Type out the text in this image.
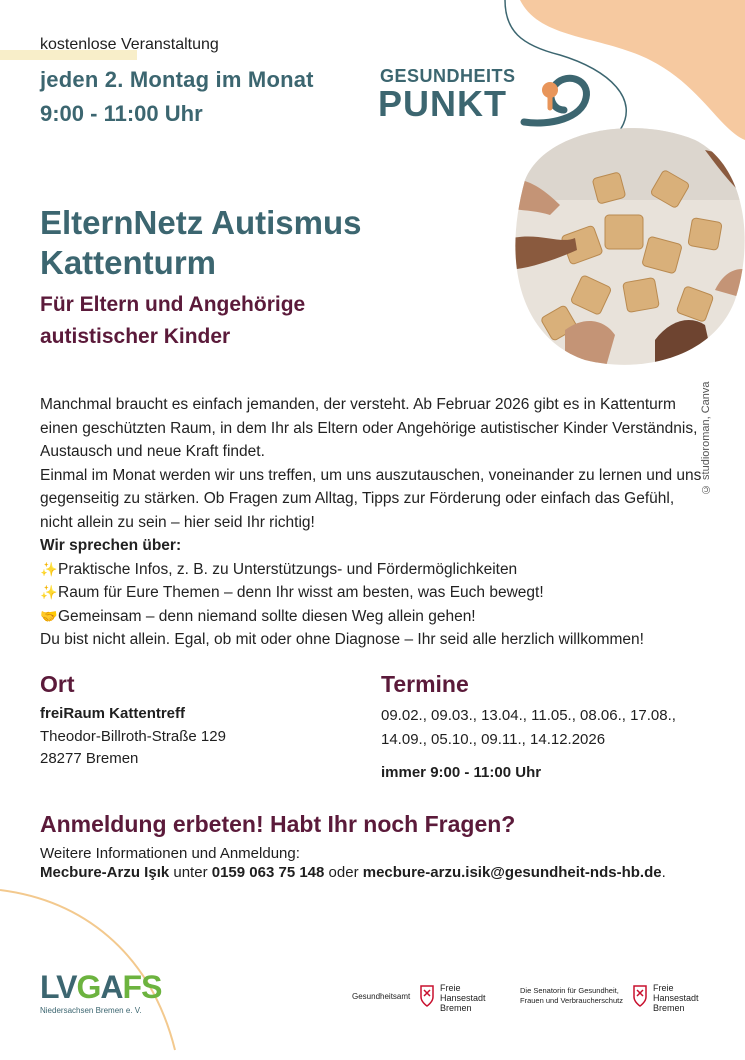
kostenlose Veranstaltung
jeden 2. Montag im Monat
9:00 - 11:00 Uhr
GESUNDHEITS
PUNKT
© studioroman, Canva
ElternNetz Autismus
Kattenturm
Für Eltern und Angehörige
autistischer Kinder

Manchmal braucht es einfach jemanden, der versteht. Ab Februar 2026 gibt es in Kattenturm einen geschützten Raum, in dem Ihr als Eltern oder Angehörige autistischer Kinder Verständnis, Austausch und neue Kraft findet.

Einmal im Monat werden wir uns treffen, um uns auszutauschen, voneinander zu lernen und uns gegenseitig zu stärken. Ob Fragen zum Alltag, Tipps zur Förderung oder einfach das Gefühl, nicht allein zu sein – hier seid Ihr richtig!

Wir sprechen über:

✨Praktische Infos, z. B. zu Unterstützungs- und Fördermöglichkeiten

✨Raum für Eure Themen – denn Ihr wisst am besten, was Euch bewegt!

🤝Gemeinsam – denn niemand sollte diesen Weg allein gehen!

Du bist nicht allein. Egal, ob mit oder ohne Diagnose – Ihr seid alle herzlich willkommen!

Ort
freiRaum Kattentreff
Theodor-Billroth-Straße 129
28277 Bremen
Termine
09.02., 09.03., 13.04., 11.05., 08.06., 17.08.,
14.09., 05.10., 09.11., 14.12.2026
immer 9:00 - 11:00 Uhr
Anmeldung erbeten! Habt Ihr noch Fragen?
Weitere Informationen und Anmeldung:
Mecbure-Arzu Işık unter 0159 063 75 148 oder mecbure-arzu.isik@gesundheit-nds-hb.de.
LVGAFS
Niedersachsen Bremen e. V.
Gesundheitsamt
Freie
Hansestadt
Bremen
Die Senatorin für Gesundheit,
Frauen und Verbraucherschutz
Freie
Hansestadt
Bremen
